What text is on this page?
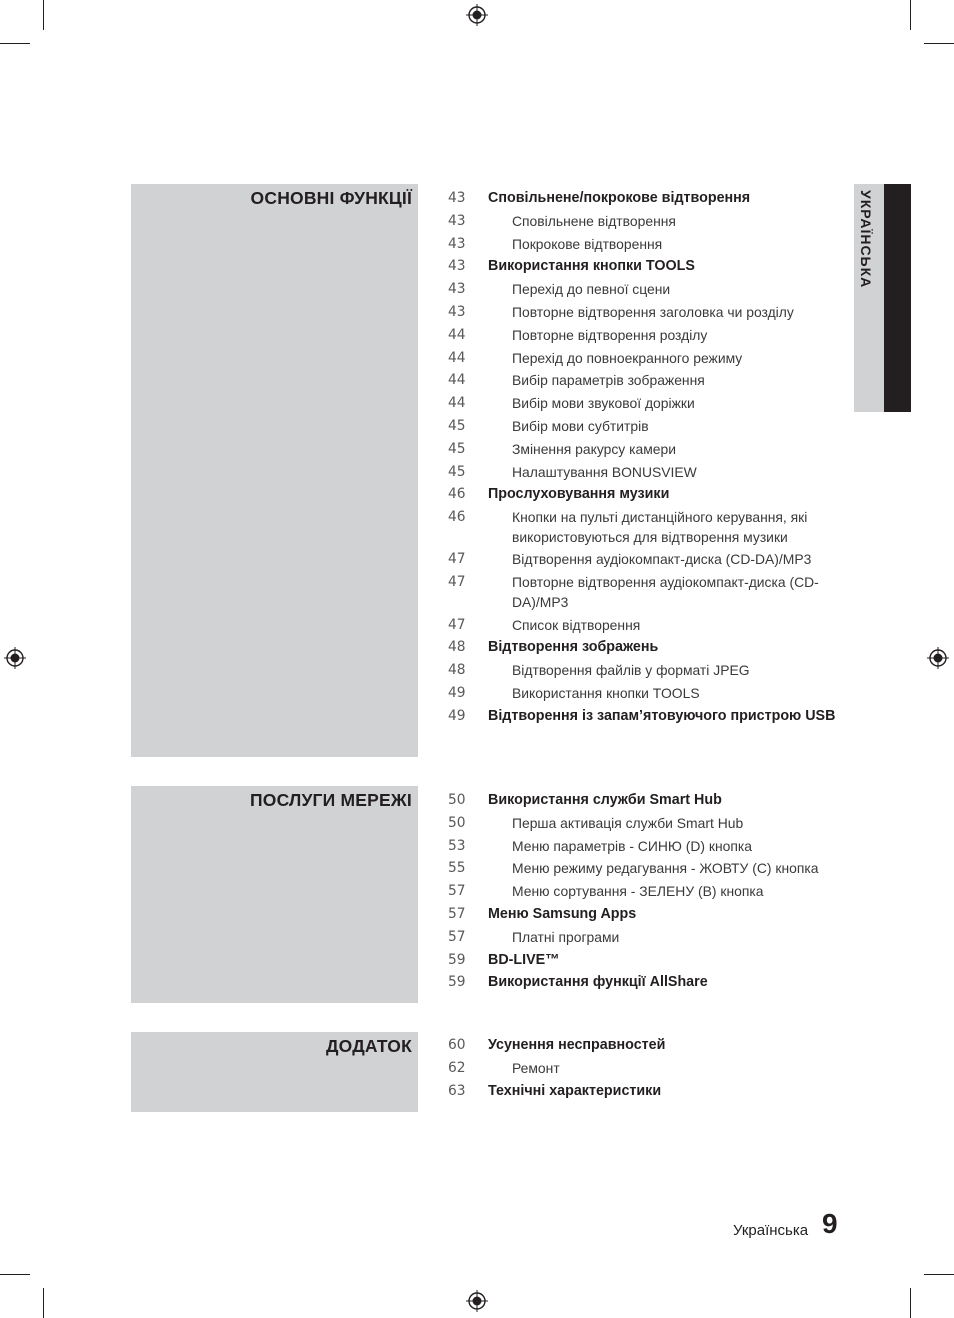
ОСНОВНІ ФУНКЦІЇ
ПОСЛУГИ МЕРЕЖІ
ДОДАТОК
43 Сповільнене/покрокове відтворення
43	Сповільнене відтворення
43	Покрокове відтворення
43 Використання кнопки TOOLS
43	Перехід до певної сцени
43	Повторне відтворення заголовка чи розділу
44	Повторне відтворення розділу
44	Перехід до повноекранного режиму
44	Вибір параметрів зображення
44	Вибір мови звукової доріжки
45	Вибір мови субтитрів
45	Змінення ракурсу камери
45	Налаштування BONUSVIEW
46 Прослуховування музики
46	Кнопки на пульті дистанційного керування, які використовуються для відтворення музики
47	Відтворення аудіокомпакт-диска (CD-DA)/MP3
47	Повторне відтворення аудіокомпакт-диска (CD-DA)/MP3
47	Список відтворення
48 Відтворення зображень
48	Відтворення файлів у форматі JPEG
49	Використання кнопки TOOLS
49 Відтворення із запам’ятовуючого пристрою USB
50 Використання служби Smart Hub
50	Перша активація служби Smart Hub
53	Меню параметрів - СИНЮ (D) кнопка
55	Меню режиму редагування - ЖОВТУ (C) кнопка
57	Меню сортування - ЗЕЛЕНУ (B) кнопка
57 Меню Samsung Apps
57	Платні програми
59 BD-LIVE™
59 Використання функції AllShare
60 Усунення несправностей
62	Ремонт
63 Технічні характеристики
УКРАЇНСЬКА
Українська 9
